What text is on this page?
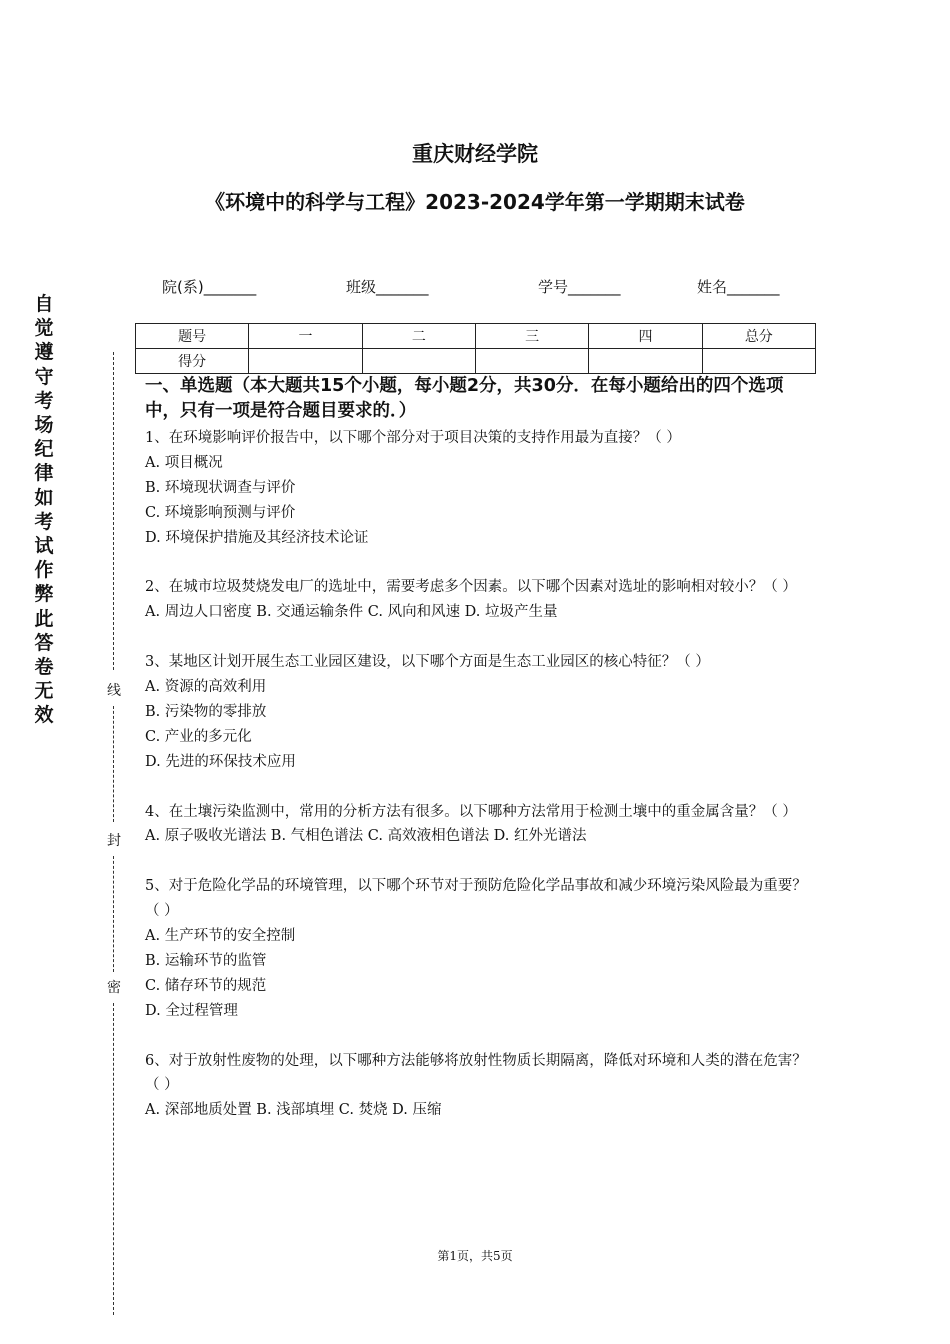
重庆财经学院
《环境中的科学与工程》2023-2024学年第一学期期末试卷
院(系)_______	班级_______	学号_______	姓名_______
题号	一	二	三	四	总分
得分					
自觉遵守考场纪律如考试作弊此答卷无效
线
封
密
一、单选题（本大题共15个小题，每小题2分，共30分．在每小题给出的四个选项中，只有一项是符合题目要求的．）
1、在环境影响评价报告中，以下哪个部分对于项目决策的支持作用最为直接？（ ）
A. 项目概况
B. 环境现状调查与评价
C. 环境影响预测与评价
D. 环境保护措施及其经济技术论证
2、在城市垃圾焚烧发电厂的选址中，需要考虑多个因素。以下哪个因素对选址的影响相对较小？（ ）
A. 周边人口密度 B. 交通运输条件 C. 风向和风速 D. 垃圾产生量
3、某地区计划开展生态工业园区建设，以下哪个方面是生态工业园区的核心特征？（ ）
A. 资源的高效利用
B. 污染物的零排放
C. 产业的多元化
D. 先进的环保技术应用
4、在土壤污染监测中，常用的分析方法有很多。以下哪种方法常用于检测土壤中的重金属含量？（ ）
A. 原子吸收光谱法 B. 气相色谱法 C. 高效液相色谱法 D. 红外光谱法
5、对于危险化学品的环境管理，以下哪个环节对于预防危险化学品事故和减少环境污染风险最为重要？（ ）
A. 生产环节的安全控制
B. 运输环节的监管
C. 储存环节的规范
D. 全过程管理
6、对于放射性废物的处理，以下哪种方法能够将放射性物质长期隔离，降低对环境和人类的潜在危害？（ ）
A. 深部地质处置 B. 浅部填埋 C. 焚烧 D. 压缩
第1页，共5页
